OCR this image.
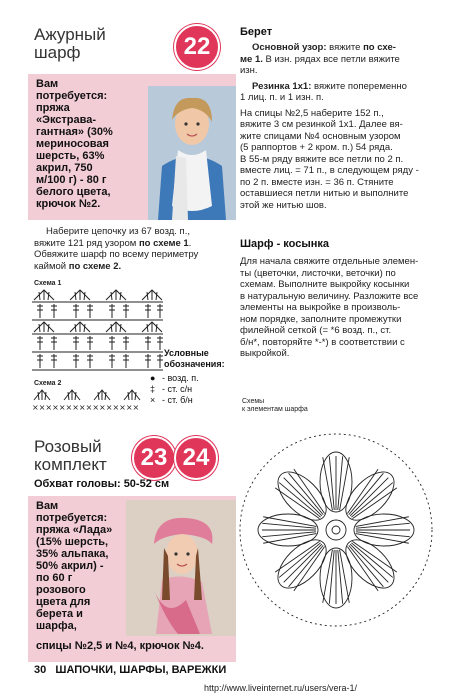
Ажурный
шарф	22
Вам
потребуется:
пряжа
«Экстрава-
гантная» (30%
мериносовая
шерсть, 63%
акрил, 750
м/100 г) - 80 г
белого цвета,
крючок №2.
Наберите цепочку из 67 возд. п.,
вяжите 121 ряд узором по схеме 1.
Обвяжите шарф по всему периметру
каймой по схеме 2.
Схема 1
Условные
обозначения:
● - возд. п.
‡ - ст. с/н
× - ст. б/н
Схема 2
××××××××××××××××
Розовый
комплект 23 24
Обхват головы: 50-52 см
Вам
потребуется:
пряжа «Лада»
(15% шерсть,
35% альпака,
50% акрил) -
по 60 г
розового
цвета для
берета и
шарфа,
спицы №2,5 и №4, крючок №4.
Берет
Основной узор: вяжите по схе-
ме 1. В изн. рядах все петли вяжите
изн.
Резинка 1х1: вяжите попеременно
1 лиц. п. и 1 изн. п.
На спицы №2,5 наберите 152 п.,
вяжите 3 см резинкой 1х1. Далее вя-
жите спицами №4 основным узором
(5 раппортов + 2 кром. п.) 54 ряда.
В 55-м ряду вяжите все петли по 2 п.
вместе лиц. = 71 п., в следующем ряду -
по 2 п. вместе изн. = 36 п. Стяните
оставшиеся петли нитью и выполните
этой же нитью шов.
Шарф - косынка
Для начала свяжите отдельные элемен-
ты (цветочки, листочки, веточки) по
схемам. Выполните выкройку косынки
в натуральную величину. Разложите все
элементы на выкройке в произволь-
ном порядке, заполните промежутки
филейной сеткой (= *6 возд. п., ст.
б/н*, повторяйте *-*) в соответствии с
выкройкой.
Схемы
к элементам шарфа
30 ШАПОЧКИ, ШАРФЫ, ВАРЕЖКИ
http://www.liveinternet.ru/users/vera-1/
